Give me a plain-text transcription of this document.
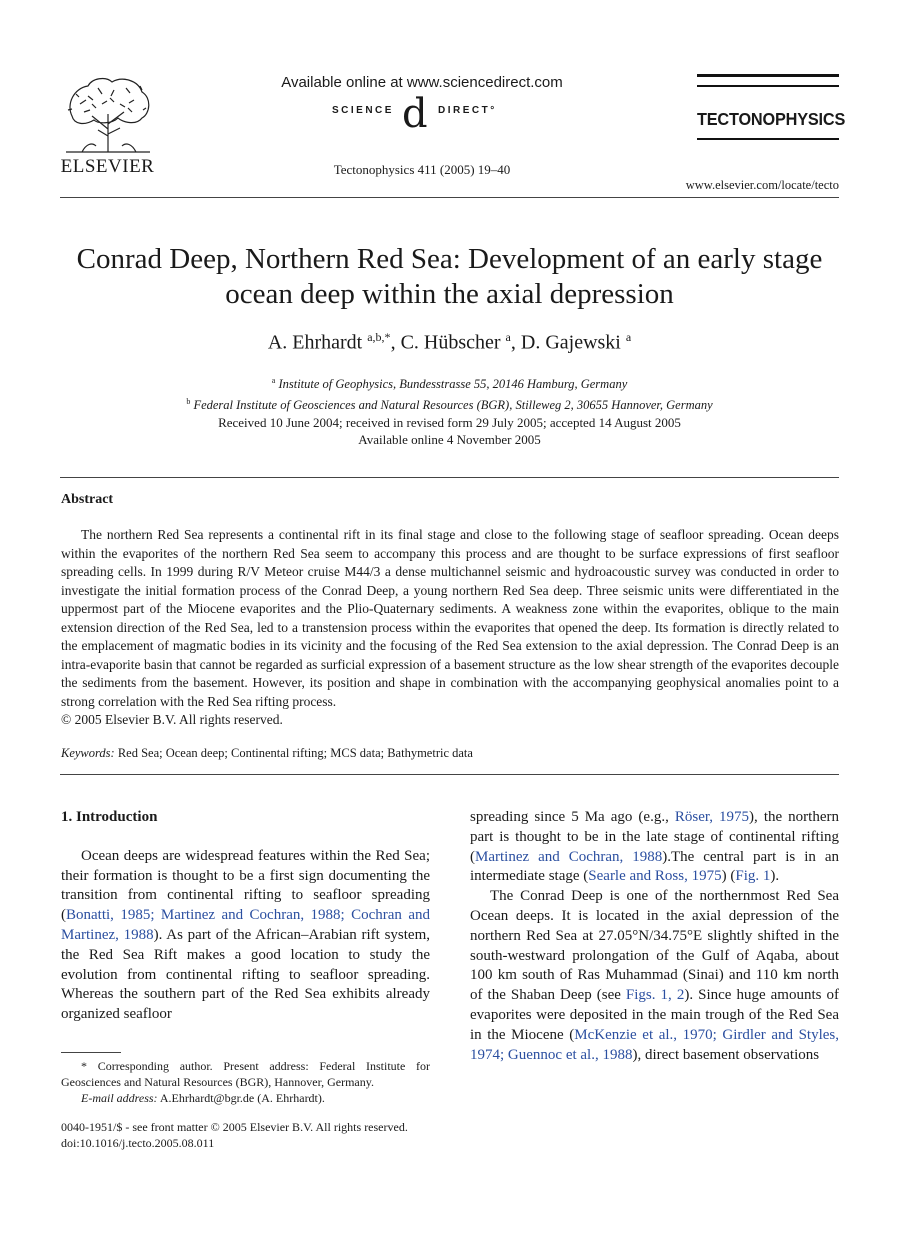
ELSEVIER
Available online at www.sciencedirect.com
SCIENCE d DIRECT°
Tectonophysics 411 (2005) 19–40
TECTONOPHYSICS
www.elsevier.com/locate/tecto
Conrad Deep, Northern Red Sea: Development of an early stage
ocean deep within the axial depression
A. Ehrhardt $^{a,b,*}$, C. Hübscher $^a$, D. Gajewski $^a$
$^a$ Institute of Geophysics, Bundesstrasse 55, 20146 Hamburg, Germany
$^b$ Federal Institute of Geosciences and Natural Resources (BGR), Stilleweg 2, 30655 Hannover, Germany
Received 10 June 2004; received in revised form 29 July 2005; accepted 14 August 2005
Available online 4 November 2005
Abstract
The northern Red Sea represents a continental rift in its final stage and close to the following stage of seafloor spreading. Ocean deeps within the evaporites of the northern Red Sea seem to accompany this process and are thought to be surface expressions of first seafloor spreading cells. In 1999 during R/V Meteor cruise M44/3 a dense multichannel seismic and hydroacoustic survey was conducted in order to investigate the initial formation process of the Conrad Deep, a young northern Red Sea deep. Three seismic units were differentiated in the uppermost part of the Miocene evaporites and the Plio-Quaternary sediments. A weakness zone within the evaporites, oblique to the main extension direction of the Red Sea, led to a transtension process within the evaporites that opened the deep. Its formation is directly related to the emplacement of magmatic bodies in its vicinity and the focusing of the Red Sea extension to the axial depression. The Conrad Deep is an intra-evaporite basin that cannot be regarded as surficial expression of a basement structure as the low shear strength of the evaporites decouple the sediments from the basement. However, its position and shape in combination with the accompanying geophysical anomalies point to a strong correlation with the Red Sea rifting process.
© 2005 Elsevier B.V. All rights reserved.
Keywords: Red Sea; Ocean deep; Continental rifting; MCS data; Bathymetric data
1. Introduction

Ocean deeps are widespread features within the Red Sea; their formation is thought to be a first sign documenting the transition from continental rifting to seafloor spreading (Bonatti, 1985; Martinez and Cochran, 1988; Cochran and Martinez, 1988). As part of the African–Arabian rift system, the Red Sea Rift makes a good location to study the evolution from continental rifting to seafloor spreading. Whereas the southern part of the Red Sea exhibits already organized seafloor

spreading since 5 Ma ago (e.g., Röser, 1975), the northern part is thought to be in the late stage of continental rifting (Martinez and Cochran, 1988).The central part is in an intermediate stage (Searle and Ross, 1975) (Fig. 1).

The Conrad Deep is one of the northernmost Red Sea Ocean deeps. It is located in the axial depression of the northern Red Sea at 27.05°N/34.75°E slightly shifted in the south-westward prolongation of the Gulf of Aqaba, about 100 km south of Ras Muhammad (Sinai) and 110 km north of the Shaban Deep (see Figs. 1, 2). Since huge amounts of evaporites were deposited in the main trough of the Red Sea in the Miocene (McKenzie et al., 1970; Girdler and Styles, 1974; Guennoc et al., 1988), direct basement observations

* Corresponding author. Present address: Federal Institute for Geosciences and Natural Resources (BGR), Hannover, Germany.
E-mail address: A.Ehrhardt@bgr.de (A. Ehrhardt).
0040-1951/$ - see front matter © 2005 Elsevier B.V. All rights reserved.
doi:10.1016/j.tecto.2005.08.011
